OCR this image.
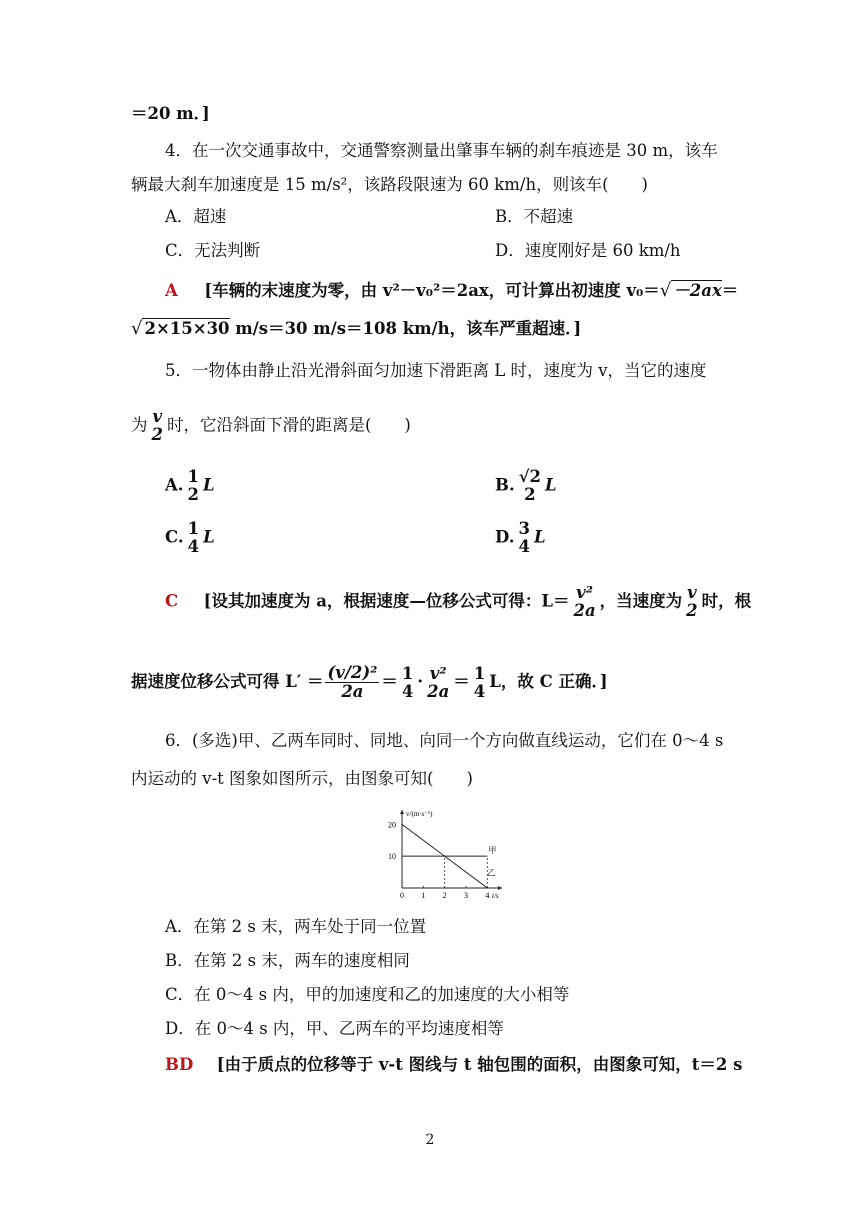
＝20 m．]
4．在一次交通事故中，交通警察测量出肇事车辆的刹车痕迹是 30 m，该车
辆最大刹车加速度是 15 m/s²，该路段限速为 60 km/h，则该车(　　)
A．超速	B．不超速
C．无法判断	D．速度刚好是 60 km/h
A [车辆的末速度为零，由 v²－v₀²＝2ax，可计算出初速度 v₀＝√ －2ax＝
√ 2×15×30 m/s＝30 m/s＝108 km/h，该车严重超速．]
5．一物体由静止沿光滑斜面匀加速下滑距离 L 时，速度为 v，当它的速度
为 v
2 时，它沿斜面下滑的距离是(　　)
A. 1
2 L	B. √2
2 L
C. 1
4 L	D. 3
4 L
C [设其加速度为 a，根据速度—位移公式可得：L＝ v²
2a ，当速度为 v
2 时，根
据速度位移公式可得 $L' = \frac{\text{(v/2)²}}{2a} = 1$
4 · v²
2a ＝ 1
4 L，故 C 正确．]
6．(多选)甲、乙两车同时、同地、向同一个方向做直线运动，它们在 0～4 s
内运动的 v-t 图象如图所示，由图象可知(　　)
v/(m·s⁻¹)
t/s
0 1 2 3 4
10
20
甲
乙
A．在第 2 s 末，两车处于同一位置
B．在第 2 s 末，两车的速度相同
C．在 0～4 s 内，甲的加速度和乙的加速度的大小相等
D．在 0～4 s 内，甲、乙两车的平均速度相等
BD [由于质点的位移等于 v-t 图线与 t 轴包围的面积，由图象可知，t＝2 s
2
